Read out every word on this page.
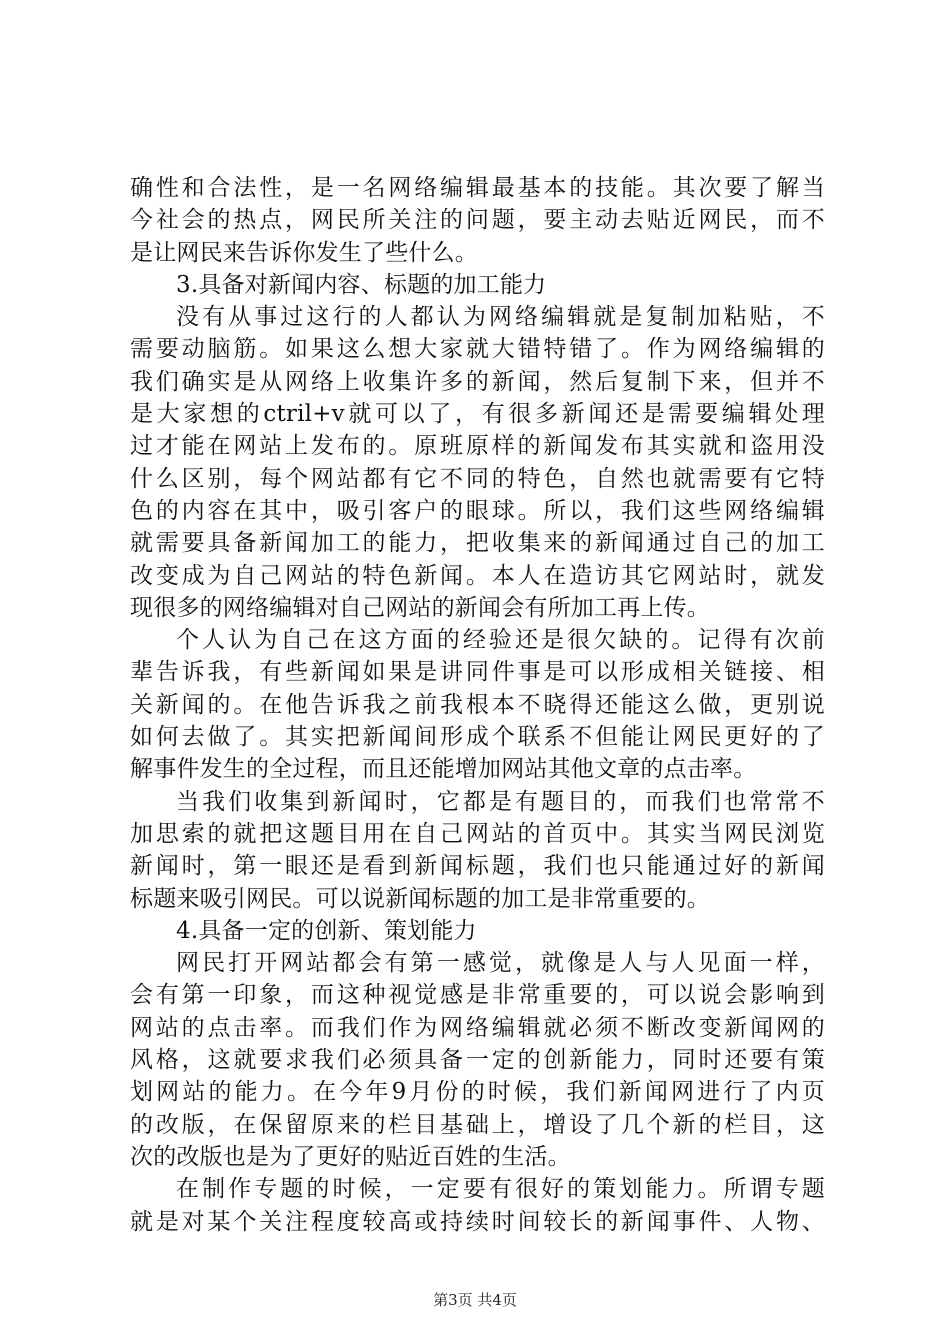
确性和合法性，是一名网络编辑最基本的技能。其次要了解当
今社会的热点，网民所关注的问题，要主动去贴近网民，而不
是让网民来告诉你发生了些什么。
3.具备对新闻内容、标题的加工能力
没有从事过这行的人都认为网络编辑就是复制加粘贴，不
需要动脑筋。如果这么想大家就大错特错了。作为网络编辑的
我们确实是从网络上收集许多的新闻，然后复制下来，但并不
是大家想的ctril+v就可以了，有很多新闻还是需要编辑处理
过才能在网站上发布的。原班原样的新闻发布其实就和盗用没
什么区别，每个网站都有它不同的特色，自然也就需要有它特
色的内容在其中，吸引客户的眼球。所以，我们这些网络编辑
就需要具备新闻加工的能力，把收集来的新闻通过自己的加工
改变成为自己网站的特色新闻。本人在造访其它网站时，就发
现很多的网络编辑对自己网站的新闻会有所加工再上传。
个人认为自己在这方面的经验还是很欠缺的。记得有次前
辈告诉我，有些新闻如果是讲同件事是可以形成相关链接、相
关新闻的。在他告诉我之前我根本不晓得还能这么做，更别说
如何去做了。其实把新闻间形成个联系不但能让网民更好的了
解事件发生的全过程，而且还能增加网站其他文章的点击率。
当我们收集到新闻时，它都是有题目的，而我们也常常不
加思索的就把这题目用在自己网站的首页中。其实当网民浏览
新闻时，第一眼还是看到新闻标题，我们也只能通过好的新闻
标题来吸引网民。可以说新闻标题的加工是非常重要的。
4.具备一定的创新、策划能力
网民打开网站都会有第一感觉，就像是人与人见面一样，
会有第一印象，而这种视觉感是非常重要的，可以说会影响到
网站的点击率。而我们作为网络编辑就必须不断改变新闻网的
风格，这就要求我们必须具备一定的创新能力，同时还要有策
划网站的能力。在今年9月份的时候，我们新闻网进行了内页
的改版，在保留原来的栏目基础上，增设了几个新的栏目，这
次的改版也是为了更好的贴近百姓的生活。
在制作专题的时候，一定要有很好的策划能力。所谓专题
就是对某个关注程度较高或持续时间较长的新闻事件、人物、
第3页 共4页
